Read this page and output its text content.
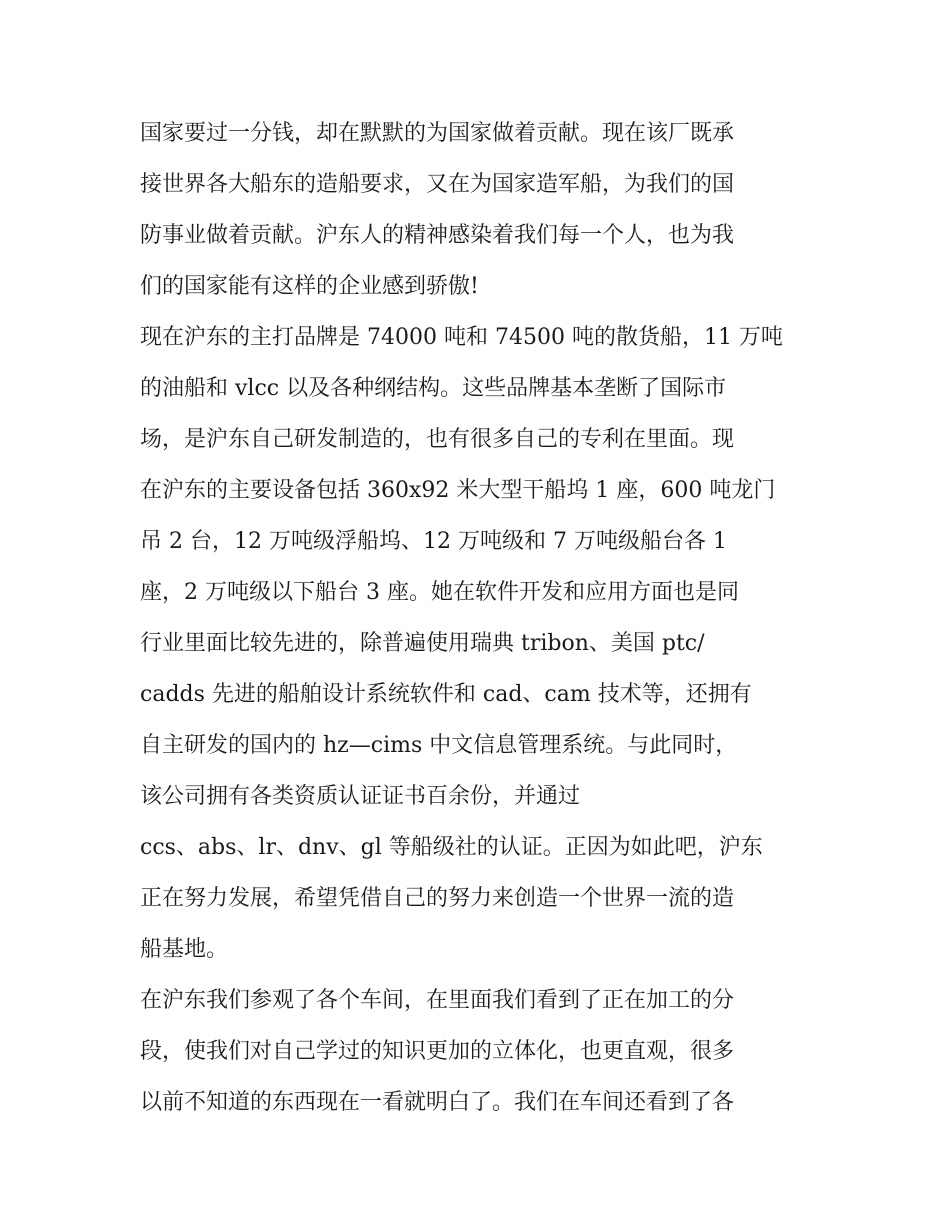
国家要过一分钱，却在默默的为国家做着贡献。现在该厂既承
接世界各大船东的造船要求，又在为国家造军船，为我们的国
防事业做着贡献。沪东人的精神感染着我们每一个人，也为我
们的国家能有这样的企业感到骄傲!
现在沪东的主打品牌是 74000 吨和 74500 吨的散货船，11 万吨
的油船和 vlcc 以及各种纲结构。这些品牌基本垄断了国际市
场，是沪东自己研发制造的，也有很多自己的专利在里面。现
在沪东的主要设备包括 360x92 米大型干船坞 1 座，600 吨龙门
吊 2 台，12 万吨级浮船坞、12 万吨级和 7 万吨级船台各 1
座，2 万吨级以下船台 3 座。她在软件开发和应用方面也是同
行业里面比较先进的，除普遍使用瑞典 tribon、美国 ptc/
cadds 先进的船舶设计系统软件和 cad、cam 技术等，还拥有
自主研发的国内的 hz—cims 中文信息管理系统。与此同时，
该公司拥有各类资质认证证书百余份，并通过
ccs、abs、lr、dnv、gl 等船级社的认证。正因为如此吧，沪东
正在努力发展，希望凭借自己的努力来创造一个世界一流的造
船基地。
在沪东我们参观了各个车间，在里面我们看到了正在加工的分
段，使我们对自己学过的知识更加的立体化，也更直观，很多
以前不知道的东西现在一看就明白了。我们在车间还看到了各
